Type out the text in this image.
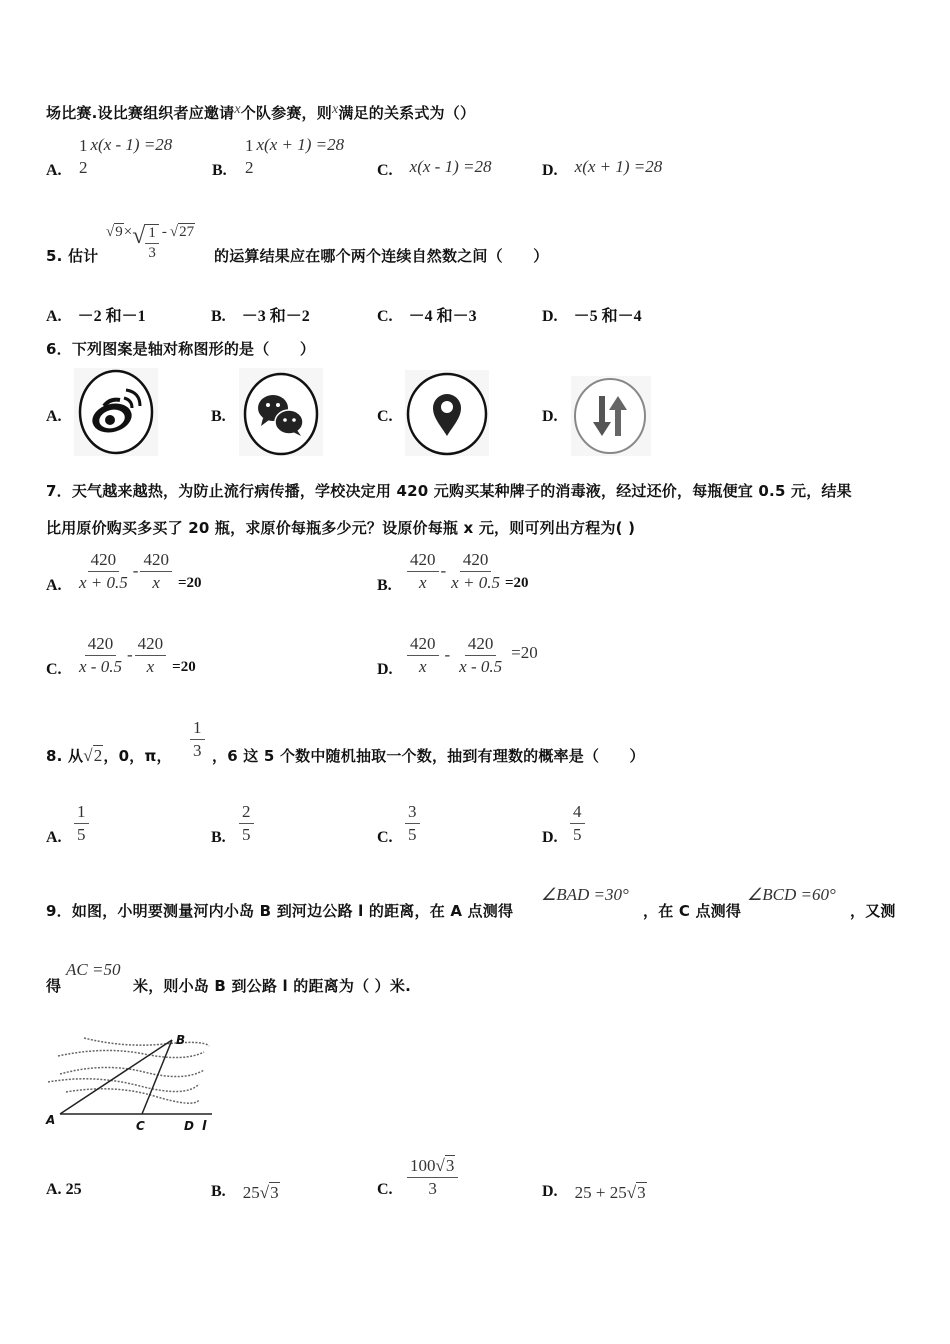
场比赛.设比赛组织者应邀请x个队参赛，则x满足的关系式为（）
A.
1
2
x(x - 1) =28
B.
1
2
x(x + 1) =28
C. x(x - 1) =28	D. x(x + 1) =28
5. 估计
√9× √ $\frac{1}{3} - √27$
的运算结果应在哪个两个连续自然数之间（　　）
A.　 －2 和－1	B.　 －3 和－2	C.　 －4 和－3	D.　 －5 和－4
6．下列图案是轴对称图形的是（　　）
A.	B.	C.	D.
7．天气越来越热，为防止流行病传播，学校决定用 420 元购买某种牌子的消毒液，经过还价，每瓶便宜 0.5 元，结果
比用原价购买多买了 20 瓶，求原价每瓶多少元？设原价每瓶 x 元，则可列出方程为( )
A. $\frac{420}{x + 0.5} - \frac{420}{x} =20$	B. $\frac{420}{x} - \frac{420}{x + 0.5} =20$
C. $\frac{420}{x - 0.5} - \frac{420}{x} =20$	D. $\frac{420}{x} - \frac{420}{x - 0.5} =20$
8. 从√2，0，π， $\frac{1}{3}$ ，6 这 5 个数中随机抽取一个数，抽到有理数的概率是（　　）
A. $\frac{1}{5}$	B. $\frac{2}{5}$	C. $\frac{3}{5}$	D. $\frac{4}{5}$
9．如图，小明要测量河内小岛 B 到河边公路 l 的距离，在 A 点测得
∠BAD =30°
，在 C 点测得
∠BCD =60°
，又测
得
AC =50
米，则小岛 B 到公路 l 的距离为（ ）米.
B
A	C	D l
A. 25	B. 25√3	C. $\frac{100√3}{3}$	D. 25 + 25√3
